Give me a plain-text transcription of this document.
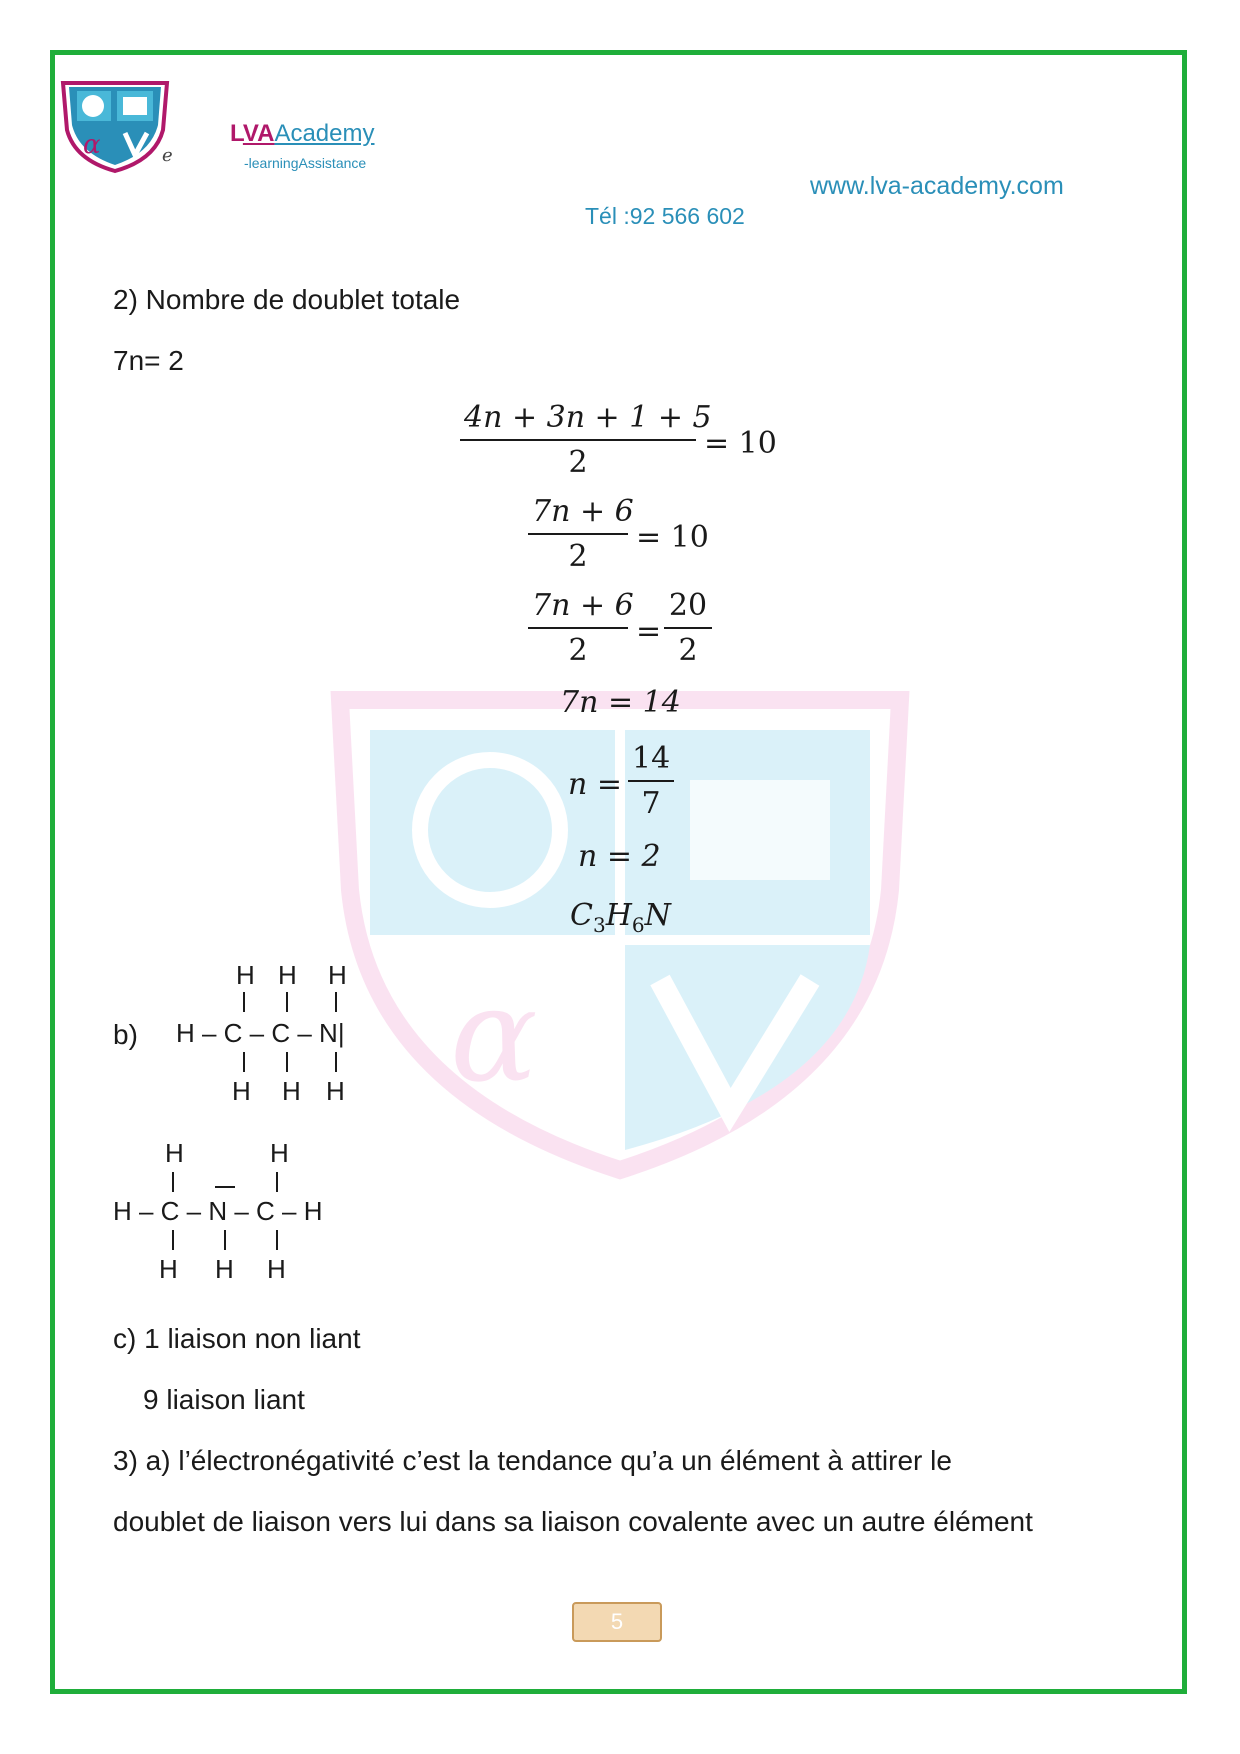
α	e
LVAAcademy
-learningAssistance
www.lva-academy.com
Tél :92 566 602
α
2) Nombre de doublet totale
7n= 2
$\frac{4n + 3n + 1 + 5}{2} = 10$
$\frac{7n + 6}{2} = 10$
$\frac{7n + 6}{2} = \frac{20}{2}$
7n = 14
$n = \frac{14}{7}$
n = 2
$C_3H_6N$
b)
H H H
H – C – C – N|
H H H
H	H
H – C – N – C – H
H H H
c) 1 liaison non liant
9 liaison liant
3) a) l’électronégativité c’est la tendance qu’a un élément à attirer le
doublet de liaison vers lui dans sa liaison covalente avec un autre élément
5
